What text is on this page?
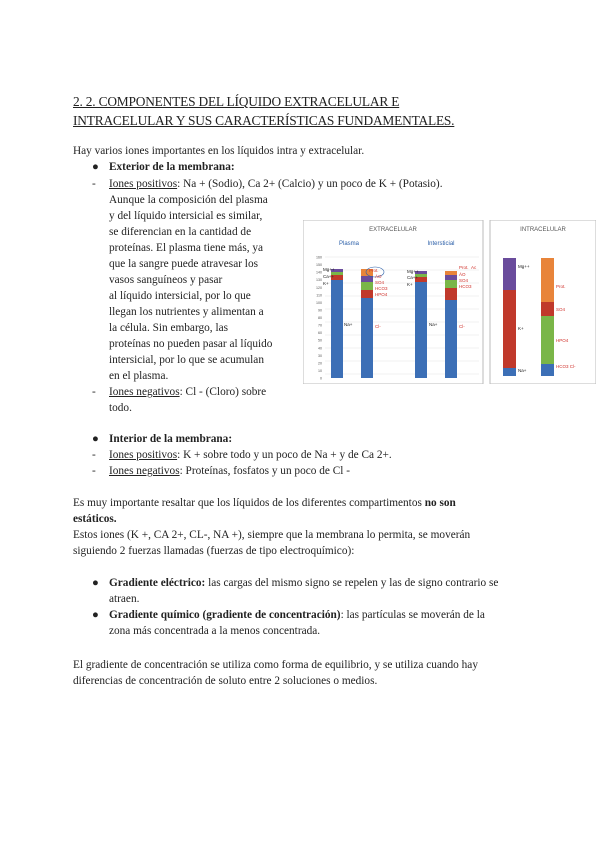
2. 2. COMPONENTES DEL LÍQUIDO EXTRACELULAR E
INTRACELULAR Y SUS CARACTERÍSTICAS FUNDAMENTALES.
Hay varios iones importantes en los líquidos intra y extracelular.
● Exterior de la membrana:
- Iones positivos: Na + (Sodio), Ca 2+ (Calcio) y un poco de K + (Potasio).
Aunque la composición del plasma
y del líquido intersicial es similar,
se diferencian en la cantidad de
proteínas. El plasma tiene más, ya
que la sangre puede atravesar los
vasos sanguíneos y pasar
al líquido intersicial, por lo que
llegan los nutrientes y alimentan a
la célula. Sin embargo, las
proteínas no pueden pasar al líquido
intersicial, por lo que se acumulan
en el plasma.
- Iones negativos: Cl - (Cloro) sobre
todo.
EXTRACELULAR
Plasma	Intersticial
160
150
140
130
120
110
100
90
80
70
60
50
40
30
20
10
0
Mg++
Ca++
K+
Na+
Prot.
ÁO
SO4
HCO3
HPO4
Cl-
Mg++
Ca++
K+
Na+
Prot. Ac
ÁO
SO4
HCO3
Cl-
INTRACELULAR
Mg++
K+
Na+
Prot.
SO4
HPO4
HCO3 Cl-
● Interior de la membrana:
- Iones positivos: K + sobre todo y un poco de Na + y de Ca 2+.
- Iones negativos: Proteínas, fosfatos y un poco de Cl -
Es muy importante resaltar que los líquidos de los diferentes compartimentos no son
estáticos.
Estos iones (K +, CA 2+, CL-, NA +), siempre que la membrana lo permita, se moverán
siguiendo 2 fuerzas llamadas (fuerzas de tipo electroquímico):
● Gradiente eléctrico: las cargas del mismo signo se repelen y las de signo contrario se
atraen.
● Gradiente químico (gradiente de concentración): las partículas se moverán de la
zona más concentrada a la menos concentrada.
El gradiente de concentración se utiliza como forma de equilibrio, y se utiliza cuando hay
diferencias de concentración de soluto entre 2 soluciones o medios.
